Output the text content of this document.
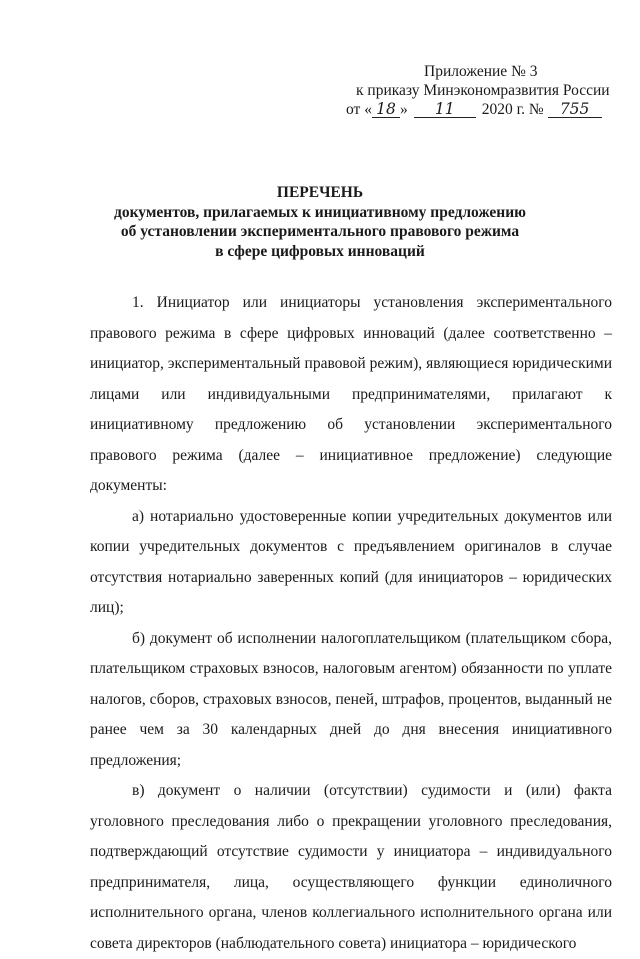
Приложение № 3
к приказу Минэкономразвития России
от « 18 » 11 2020 г. № 755
ПЕРЕЧЕНЬ
документов, прилагаемых к инициативному предложению
об установлении экспериментального правового режима
в сфере цифровых инноваций

1. Инициатор или инициаторы установления экспериментального правового режима в сфере цифровых инноваций (далее соответственно – инициатор, экспериментальный правовой режим), являющиеся юридическими лицами или индивидуальными предпринимателями, прилагают к инициативному предложению об установлении экспериментального правового режима (далее – инициативное предложение) следующие документы:

а) нотариально удостоверенные копии учредительных документов или копии учредительных документов с предъявлением оригиналов в случае отсутствия нотариально заверенных копий (для инициаторов – юридических лиц);

б) документ об исполнении налогоплательщиком (плательщиком сбора, плательщиком страховых взносов, налоговым агентом) обязанности по уплате налогов, сборов, страховых взносов, пеней, штрафов, процентов, выданный не ранее чем за 30 календарных дней до дня внесения инициативного предложения;

в) документ о наличии (отсутствии) судимости и (или) факта уголовного преследования либо о прекращении уголовного преследования, подтверждающий отсутствие судимости у инициатора – индивидуального предпринимателя, лица, осуществляющего функции единоличного исполнительного органа, членов коллегиального исполнительного органа или совета директоров (наблюдательного совета) инициатора – юридического
